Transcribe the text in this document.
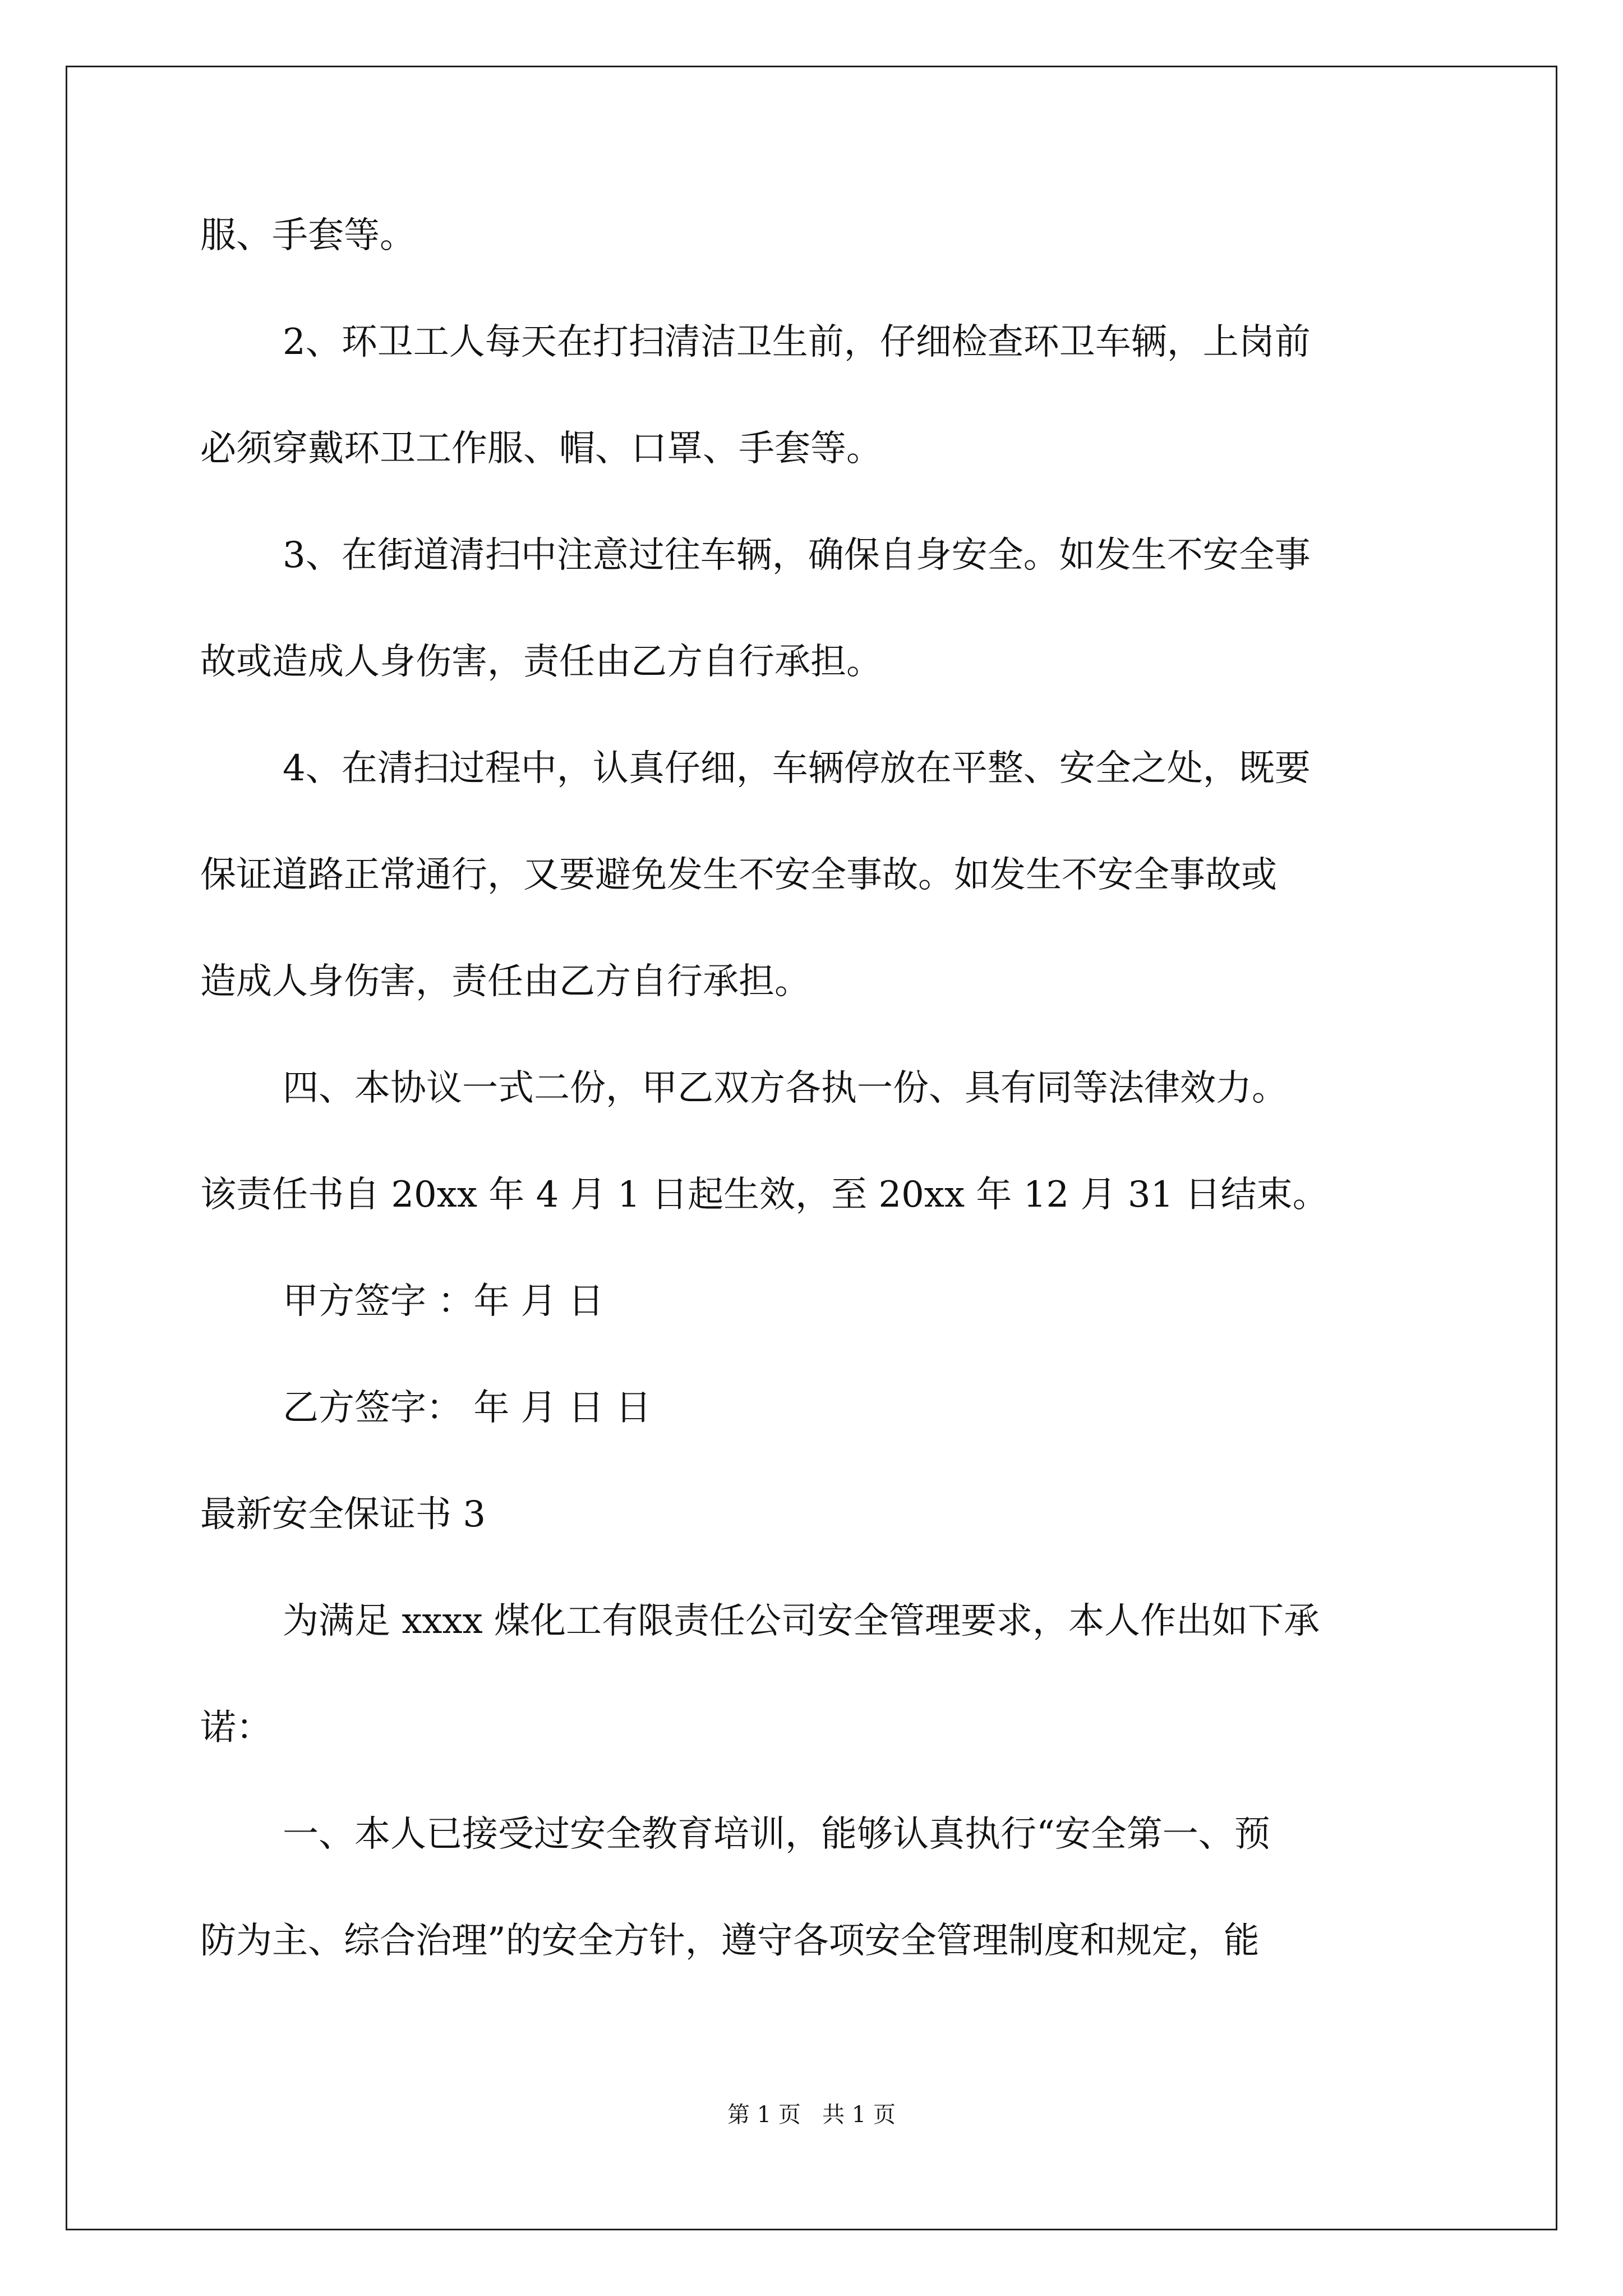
服、手套等。
2、环卫工人每天在打扫清洁卫生前，仔细检查环卫车辆，上岗前
必须穿戴环卫工作服、帽、口罩、手套等。
3、在街道清扫中注意过往车辆，确保自身安全。如发生不安全事
故或造成人身伤害，责任由乙方自行承担。
4、在清扫过程中，认真仔细，车辆停放在平整、安全之处，既要
保证道路正常通行，又要避免发生不安全事故。如发生不安全事故或
造成人身伤害，责任由乙方自行承担。
四、本协议一式二份，甲乙双方各执一份、具有同等法律效力。
该责任书自 20xx 年 4 月 1 日起生效，至 20xx 年 12 月 31 日结束。
甲方签字 ：年 月 日
乙方签字： 年 月 日 日
最新安全保证书 3
为满足 xxxx 煤化工有限责任公司安全管理要求，本人作出如下承
诺：
一、本人已接受过安全教育培训，能够认真执行“安全第一、预
防为主、综合治理”的安全方针，遵守各项安全管理制度和规定，能
第 1 页   共 1 页
